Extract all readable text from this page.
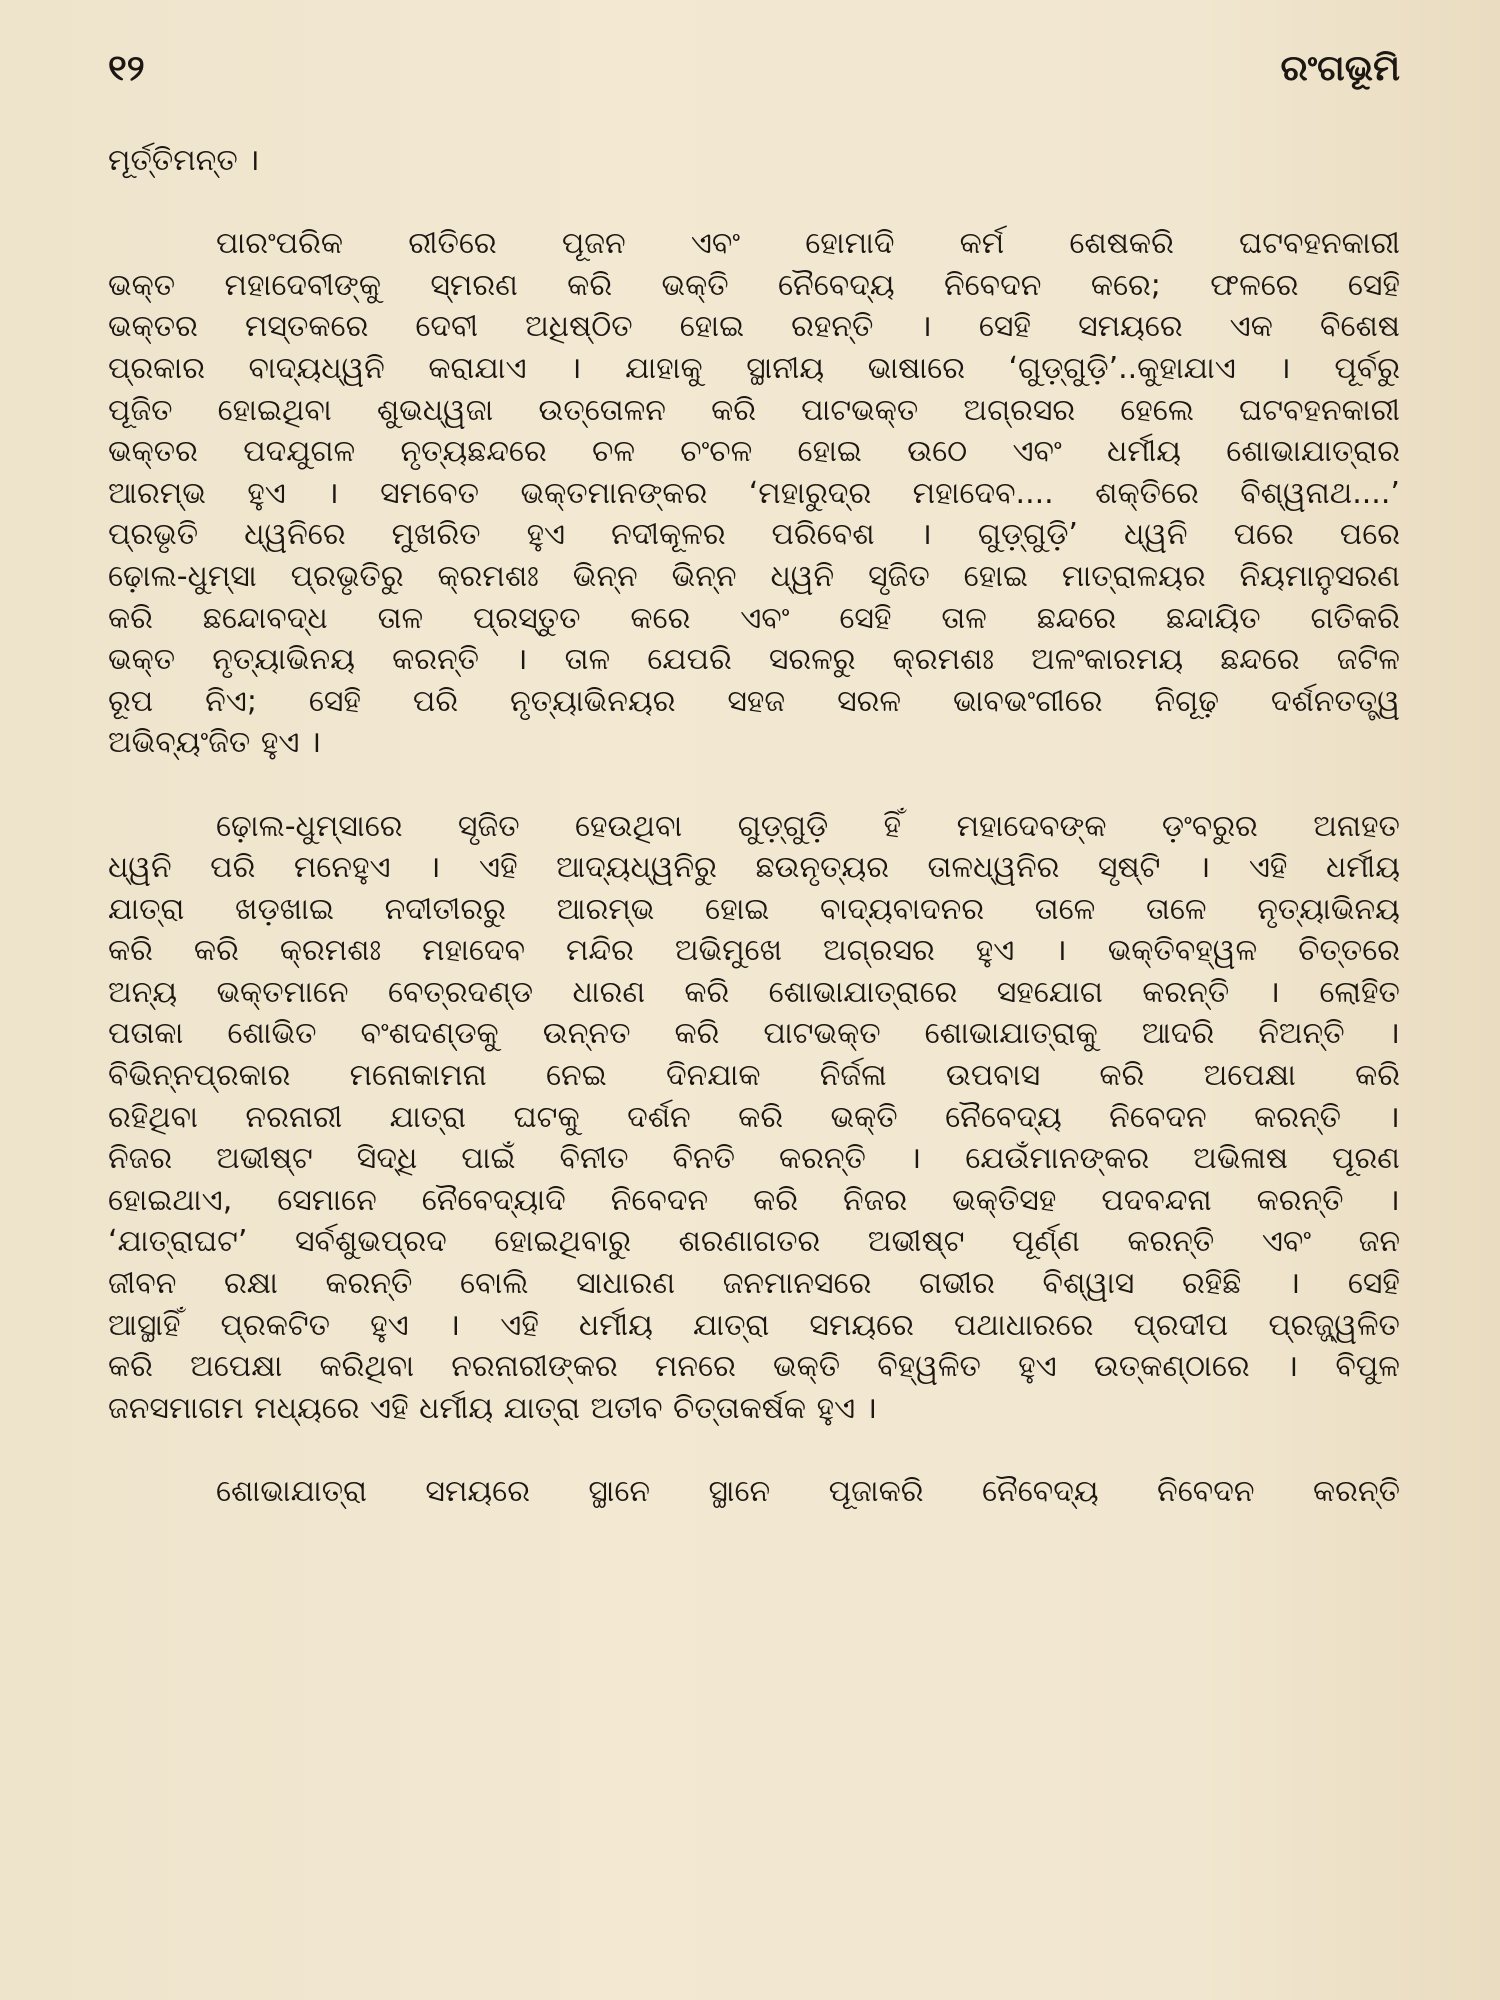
୧୨	ରଂଗଭୂମି
ମୂର୍ତ୍ତିମନ୍ତ ।
ପାରଂପରିକ ରୀତିରେ ପୂଜନ ଏବଂ ହୋମାଦି କର୍ମ ଶେଷକରି ଘଟବହନକାରୀ
ଭକ୍ତ ମହାଦେବୀଙ୍କୁ ସ୍ମରଣ କରି ଭକ୍ତି ନୈବେଦ୍ୟ ନିବେଦନ କରେ; ଫଳରେ ସେହି
ଭକ୍ତର ମସ୍ତକରେ ଦେବୀ ଅଧିଷ୍ଠିତ ହୋଇ ରହନ୍ତି । ସେହି ସମୟରେ ଏକ ବିଶେଷ
ପ୍ରକାର ବାଦ୍ୟଧ୍ୱନି କରାଯାଏ । ଯାହାକୁ ସ୍ଥାନୀୟ ଭାଷାରେ ‘ଗୁଡ଼୍‌ଗୁଡ଼ି’..କୁହାଯାଏ । ପୂର୍ବରୁ
ପୂଜିତ ହୋଇଥିବା ଶୁଭଧ୍ୱଜା ଉତ୍ତୋଳନ କରି ପାଟଭକ୍ତ ଅଗ୍ରସର ହେଲେ ଘଟବହନକାରୀ
ଭକ୍ତର ପଦଯୁଗଳ ନୃତ୍ୟଛନ୍ଦରେ ଚଳ ଚଂଚଳ ହୋଇ ଉଠେ ଏବଂ ଧର୍ମୀୟ ଶୋଭାଯାତ୍ରାର
ଆରମ୍ଭ ହୁଏ । ସମବେତ ଭକ୍ତମାନଙ୍କର ‘ମହାରୁଦ୍ର ମହାଦେବ.... ଶକ୍ତିରେ ବିଶ୍ୱନାଥ....’
ପ୍ରଭୃତି ଧ୍ୱନିରେ ମୁଖରିତ ହୁଏ ନଦୀକୂଳର ପରିବେଶ । ଗୁଡ଼୍‌ଗୁଡ଼ି’ ଧ୍ୱନି ପରେ ପରେ
ଢ଼ୋଲ-ଧୁମ୍‌ସା ପ୍ରଭୃତିରୁ କ୍ରମଶଃ ଭିନ୍ନ ଭିନ୍ନ ଧ୍ୱନି ସୃଜିତ ହୋଇ ମାତ୍ରାଳୟର ନିୟମାନୁସରଣ
କରି ଛନ୍ଦୋବଦ୍ଧ ତାଳ ପ୍ରସ୍ତୁତ କରେ ଏବଂ ସେହି ତାଳ ଛନ୍ଦରେ ଛନ୍ଦାୟିତ ଗତିକରି
ଭକ୍ତ ନୃତ୍ୟାଭିନୟ କରନ୍ତି । ତାଳ ଯେପରି ସରଳରୁ କ୍ରମଶଃ ଅଳଂକାରମୟ ଛନ୍ଦରେ ଜଟିଳ
ରୂପ ନିଏ; ସେହି ପରି ନୃତ୍ୟାଭିନୟର ସହଜ ସରଳ ଭାବଭଂଗୀରେ ନିଗୂଢ଼ ଦର୍ଶନତତ୍ତ୍ୱ
ଅଭିବ୍ୟଂଜିତ ହୁଏ ।
ଢ଼ୋଲ-ଧୁମ୍‌ସାରେ ସୃଜିତ ହେଉଥିବା ଗୁଡ଼୍‌ଗୁଡ଼ି ହିଁ ମହାଦେବଙ୍କ ଡ଼ଂବରୁର ଅନାହତ
ଧ୍ୱନି ପରି ମନେହୁଏ । ଏହି ଆଦ୍ୟଧ୍ୱନିରୁ ଛଉନୃତ୍ୟର ତାଳଧ୍ୱନିର ସୃଷ୍ଟି । ଏହି ଧର୍ମୀୟ
ଯାତ୍ରା ଖଡ଼ଖାଇ ନଦୀତୀରରୁ ଆରମ୍ଭ ହୋଇ ବାଦ୍ୟବାଦନର ତାଳେ ତାଳେ ନୃତ୍ୟାଭିନୟ
କରି କରି କ୍ରମଶଃ ମହାଦେବ ମନ୍ଦିର ଅଭିମୁଖେ ଅଗ୍ରସର ହୁଏ । ଭକ୍ତିବହ୍ୱଳ ଚିତ୍ତରେ
ଅନ୍ୟ ଭକ୍ତମାନେ ବେତ୍ରଦଣ୍ଡ ଧାରଣ କରି ଶୋଭାଯାତ୍ରାରେ ସହଯୋଗ କରନ୍ତି । ଲୋହିତ
ପତାକା ଶୋଭିତ ବଂଶଦଣ୍ଡକୁ ଉନ୍ନତ କରି ପାଟଭକ୍ତ ଶୋଭାଯାତ୍ରାକୁ ଆଦରି ନିଅନ୍ତି ।
ବିଭିନ୍ନପ୍ରକାର ମନୋକାମନା ନେଇ ଦିନଯାକ ନିର୍ଜଳା ଉପବାସ କରି ଅପେକ୍ଷା କରି
ରହିଥିବା ନରନାରୀ ଯାତ୍ରା ଘଟକୁ ଦର୍ଶନ କରି ଭକ୍ତି ନୈବେଦ୍ୟ ନିବେଦନ କରନ୍ତି ।
ନିଜର ଅଭୀଷ୍ଟ ସିଦ୍ଧି ପାଇଁ ବିନୀତ ବିନତି କରନ୍ତି । ଯେଉଁମାନଙ୍କର ଅଭିଳାଷ ପୂରଣ
ହୋଇଥାଏ, ସେମାନେ ନୈବେଦ୍ୟାଦି ନିବେଦନ କରି ନିଜର ଭକ୍ତିସହ ପଦବନ୍ଦନା କରନ୍ତି ।
‘ଯାତ୍ରାଘଟ’ ସର୍ବଶୁଭପ୍ରଦ ହୋଇଥିବାରୁ ଶରଣାଗତର ଅଭୀଷ୍ଟ ପୂର୍ଣ୍ଣ କରନ୍ତି ଏବଂ ଜନ
ଜୀବନ ରକ୍ଷା କରନ୍ତି ବୋଲି ସାଧାରଣ ଜନମାନସରେ ଗଭୀର ବିଶ୍ୱାସ ରହିଛି । ସେହି
ଆସ୍ଥାହିଁ ପ୍ରକଟିତ ହୁଏ । ଏହି ଧର୍ମୀୟ ଯାତ୍ରା ସମୟରେ ପଥାଧାରରେ ପ୍ରଦୀପ ପ୍ରଜ୍ଜ୍ୱଳିତ
କରି ଅପେକ୍ଷା କରିଥିବା ନରନାରୀଙ୍କର ମନରେ ଭକ୍ତି ବିହ୍ୱଳିତ ହୁଏ ଉତ୍କଣ୍ଠାରେ । ବିପୁଳ
ଜନସମାଗମ ମଧ୍ୟରେ ଏହି ଧର୍ମୀୟ ଯାତ୍ରା ଅତୀବ ଚିତ୍ତାକର୍ଷକ ହୁଏ ।
ଶୋଭାଯାତ୍ରା ସମୟରେ ସ୍ଥାନେ ସ୍ଥାନେ ପୂଜାକରି ନୈବେଦ୍ୟ ନିବେଦନ କରନ୍ତି
